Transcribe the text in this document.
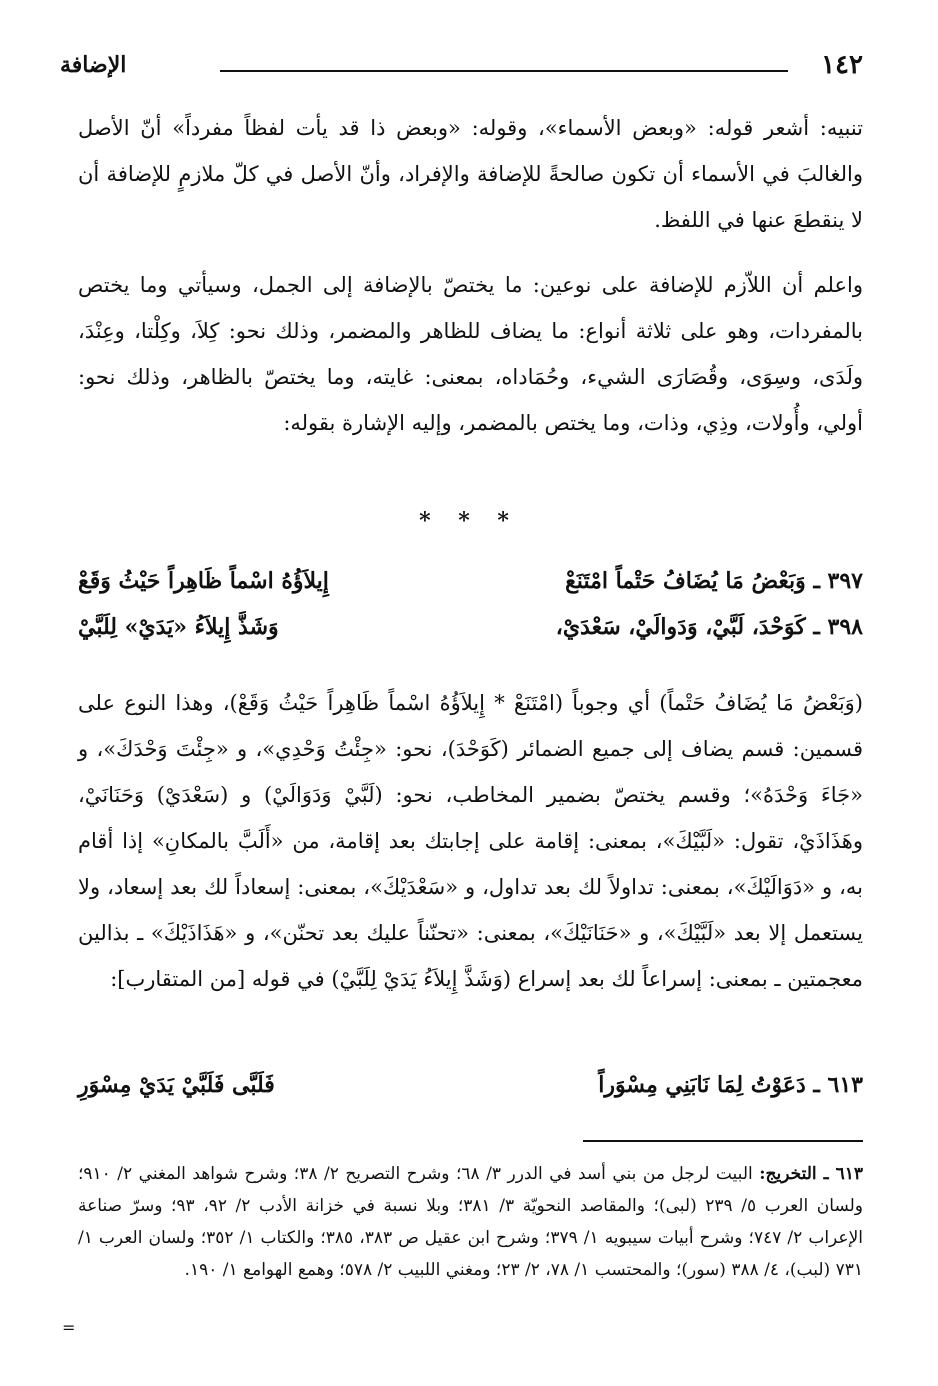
١٤٢
الإضافة
تنبيه: أشعر قوله: «وبعض الأسماء»، وقوله: «وبعض ذا قد يأت لفظاً مفرداً» أنّ الأصل والغالبَ في الأسماء أن تكون صالحةً للإضافة والإفراد، وأنّ الأصل في كلّ ملازمٍ للإضافة أن لا ينقطعَ عنها في اللفظ.
واعلم أن اللاّزم للإضافة على نوعين: ما يختصّ بالإضافة إلى الجمل، وسيأتي وما يختص بالمفردات، وهو على ثلاثة أنواع: ما يضاف للظاهر والمضمر، وذلك نحو: كِلاَ، وكِلْتا، وعِنْدَ، ولَدَى، وسِوَى، وقُصَارَى الشيء، وحُمَاداه، بمعنى: غايته، وما يختصّ بالظاهر، وذلك نحو: أولي، وأُولات، وذِي، وذات، وما يختص بالمضمر، وإليه الإشارة بقوله:
* * *
٣٩٧ ـ وَبَعْضُ مَا يُضَافُ حَتْماً امْتَنَعْ
إِيلاَؤُهُ اسْماً ظَاهِراً حَيْثُ وَقَعْ
٣٩٨ ـ كَوَحْدَ، لَبَّيْ، وَدَوالَيْ، سَعْدَيْ،
وَشَذَّ إِيلاَءُ «يَدَيْ» لِلَبَّيْ
(وَبَعْضُ مَا يُضَافُ حَتْماً) أي وجوباً (امْتَنَعْ * إِيلاَؤُهُ اسْماً ظَاهِراً حَيْثُ وَقَعْ)، وهذا النوع على قسمين: قسم يضاف إلى جميع الضمائر (كَوَحْدَ)، نحو: «جِئْتُ وَحْدِي»، و «جِئْتَ وَحْدَكَ»، و «جَاءَ وَحْدَهُ»؛ وقسم يختصّ بضمير المخاطب، نحو: (لَبَّيْ وَدَوَالَيْ) و (سَعْدَيْ) وَحَنَانَيْ، وهَذَاذَيْ، تقول: «لَبَّيْكَ»، بمعنى: إقامة على إجابتك بعد إقامة، من «أَلَبَّ بالمكانِ» إذا أقام به، و «دَوَالَيْكَ»، بمعنى: تداولاً لك بعد تداول، و «سَعْدَيْكَ»، بمعنى: إسعاداً لك بعد إسعاد، ولا يستعمل إلا بعد «لَبَّيْكَ»، و «حَنَانَيْكَ»، بمعنى: «تحنّناً عليك بعد تحنّن»، و «هَذَاذَيْكَ» ـ بذالين معجمتين ـ بمعنى: إسراعاً لك بعد إسراع (وَشَذَّ إِيلاَءُ يَدَيْ لِلَبَّيْ) في قوله [من المتقارب]:
٦١٣ ـ دَعَوْتُ لِمَا نَابَنِي مِسْوَراً
فَلَبَّى فَلَبَّيْ يَدَيْ مِسْوَرِ
٦١٣ ـ التخريج: البيت لرجل من بني أسد في الدرر ٣/ ٦٨؛ وشرح التصريح ٢/ ٣٨؛ وشرح شواهد المغني ٢/ ٩١٠؛ ولسان العرب ٥/ ٢٣٩ (لبى)؛ والمقاصد النحويّة ٣/ ٣٨١؛ وبلا نسبة في خزانة الأدب ٢/ ٩٢، ٩٣؛ وسرّ صناعة الإعراب ٢/ ٧٤٧؛ وشرح أبيات سيبويه ١/ ٣٧٩؛ وشرح ابن عقيل ص ٣٨٣، ٣٨٥؛ والكتاب ١/ ٣٥٢؛ ولسان العرب ١/ ٧٣١ (لبب)، ٤/ ٣٨٨ (سور)؛ والمحتسب ١/ ٧٨، ٢/ ٢٣؛ ومغني اللبيب ٢/ ٥٧٨؛ وهمع الهوامع ١/ ١٩٠.
=
